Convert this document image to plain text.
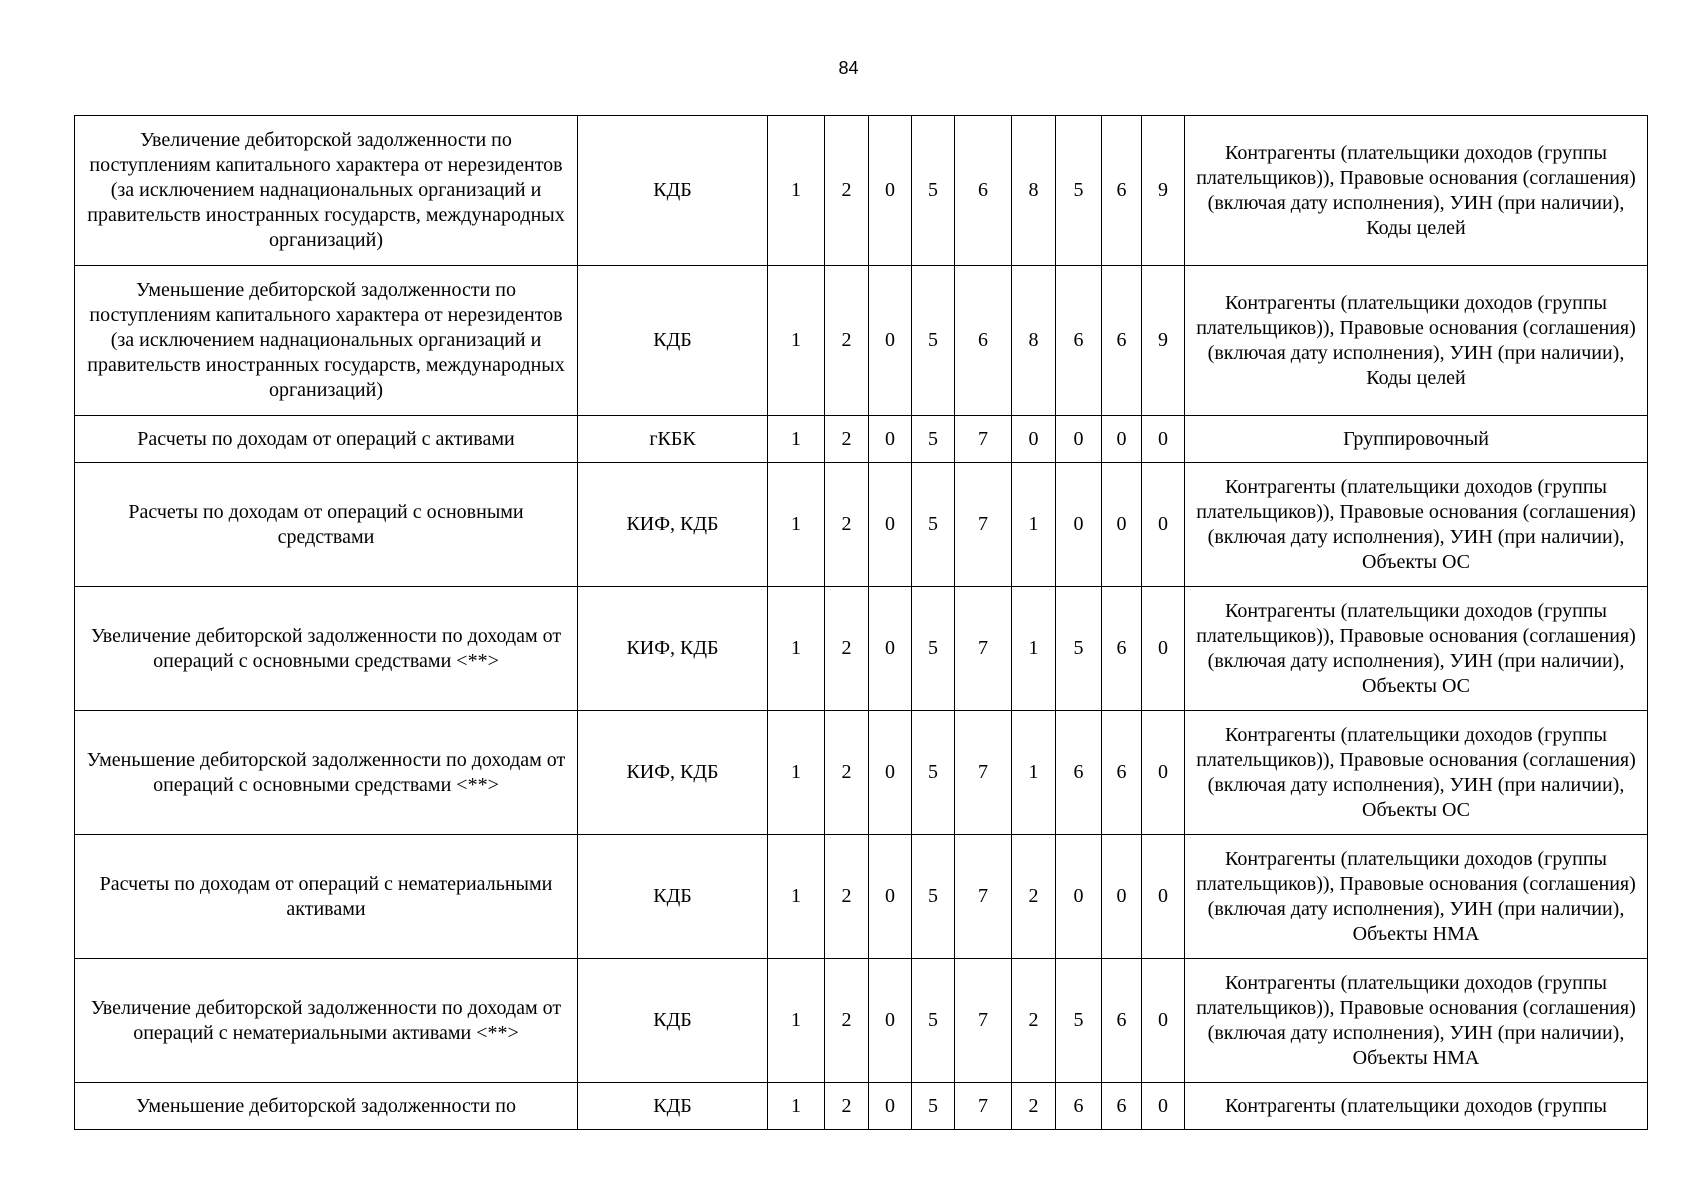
84
Увеличение дебиторской задолженности по поступлениям капитального характера от нерезидентов (за исключением наднациональных организаций и правительств иностранных государств, международных организаций)	КДБ	1	2	0	5	6	8	5	6	9	Контрагенты (плательщики доходов (группы плательщиков)), Правовые основания (соглашения) (включая дату исполнения), УИН (при наличии), Коды целей
Уменьшение дебиторской задолженности по поступлениям капитального характера от нерезидентов (за исключением наднациональных организаций и правительств иностранных государств, международных организаций)	КДБ	1	2	0	5	6	8	6	6	9	Контрагенты (плательщики доходов (группы плательщиков)), Правовые основания (соглашения) (включая дату исполнения), УИН (при наличии), Коды целей
Расчеты по доходам от операций с активами	гКБК	1	2	0	5	7	0	0	0	0	Группировочный
Расчеты по доходам от операций с основными средствами	КИФ, КДБ	1	2	0	5	7	1	0	0	0	Контрагенты (плательщики доходов (группы плательщиков)), Правовые основания (соглашения) (включая дату исполнения), УИН (при наличии), Объекты ОС
Увеличение дебиторской задолженности по доходам от операций с основными средствами <**>	КИФ, КДБ	1	2	0	5	7	1	5	6	0	Контрагенты (плательщики доходов (группы плательщиков)), Правовые основания (соглашения) (включая дату исполнения), УИН (при наличии), Объекты ОС
Уменьшение дебиторской задолженности по доходам от операций с основными средствами <**>	КИФ, КДБ	1	2	0	5	7	1	6	6	0	Контрагенты (плательщики доходов (группы плательщиков)), Правовые основания (соглашения) (включая дату исполнения), УИН (при наличии), Объекты ОС
Расчеты по доходам от операций с нематериальными активами	КДБ	1	2	0	5	7	2	0	0	0	Контрагенты (плательщики доходов (группы плательщиков)), Правовые основания (соглашения) (включая дату исполнения), УИН (при наличии), Объекты НМА
Увеличение дебиторской задолженности по доходам от операций с нематериальными активами <**>	КДБ	1	2	0	5	7	2	5	6	0	Контрагенты (плательщики доходов (группы плательщиков)), Правовые основания (соглашения) (включая дату исполнения), УИН (при наличии), Объекты НМА
Уменьшение дебиторской задолженности по	КДБ	1	2	0	5	7	2	6	6	0	Контрагенты (плательщики доходов (группы
